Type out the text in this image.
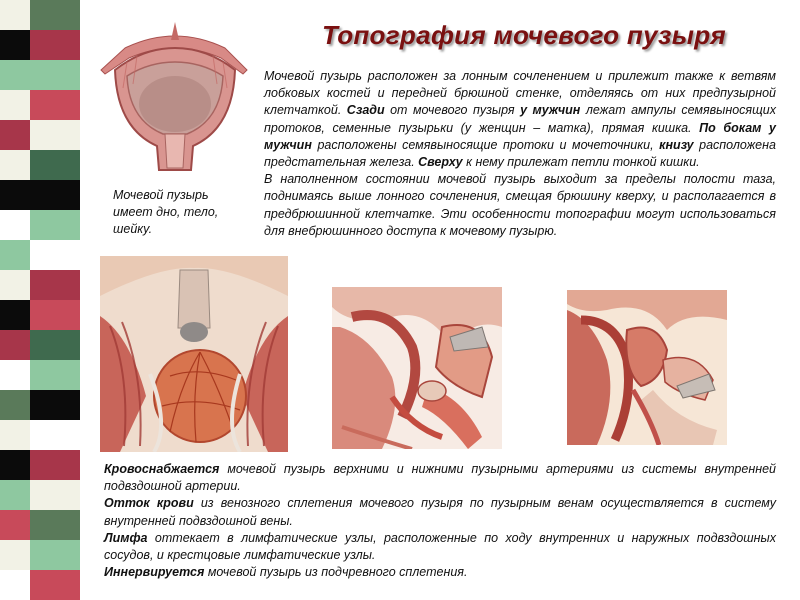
Топография мочевого пузыря
Мочевой пузырь имеет дно, тело, шейку.
Мочевой пузырь расположен за лонным сочленением и прилежит также к ветвям лобковых костей и передней брюшной стенке, отделяясь от них предпузырной клетчаткой. Сзади от мочевого пузыря у мужчин лежат ампулы семявыносящих протоков, семенные пузырьки (у женщин – матка), прямая кишка. По бокам у мужчин расположены семявыносящие протоки и мочеточники, книзу расположена предстательная железа. Сверху к нему прилежат петли тонкой кишки.
В наполненном состоянии мочевой пузырь выходит за пределы полости таза, поднимаясь выше лонного сочленения, смещая брюшину кверху, и располагается в предбрюшинной клетчатке. Эти особенности топографии могут использоваться для внебрюшинного доступа к мочевому пузырю.
Кровоснабжается мочевой пузырь верхними и нижними пузырными артериями из системы внутренней подвздошной артерии.
Отток крови из венозного сплетения мочевого пузыря по пузырным венам осуществляется в систему внутренней подвздошной вены.
Лимфа оттекает в лимфатические узлы, расположенные по ходу внутренних и наружных подвздошных сосудов, и крестцовые лимфатические узлы.
Иннервируется мочевой пузырь из подчревного сплетения.
